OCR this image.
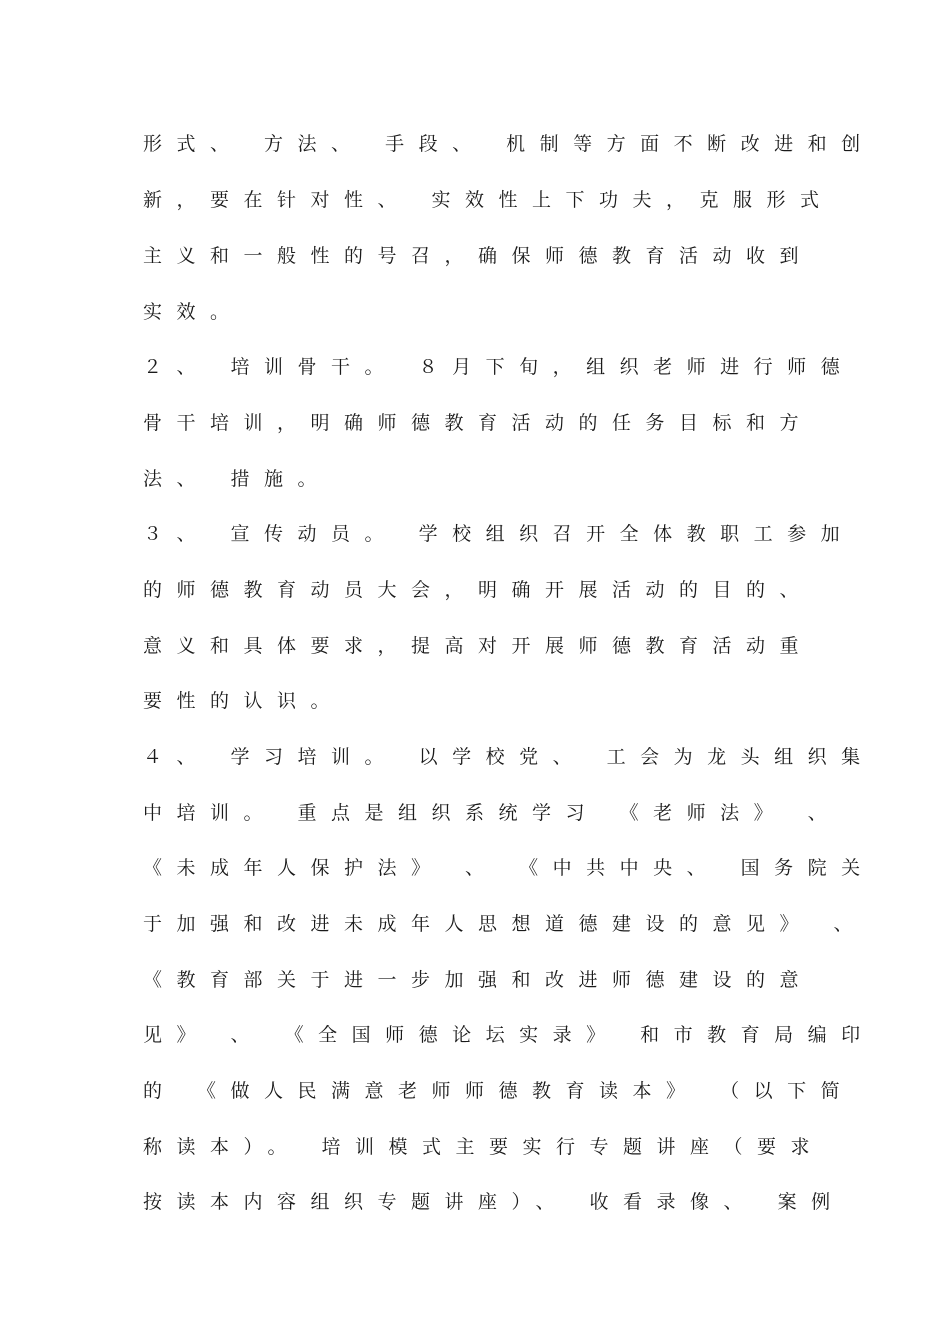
形式、 方法、 手段、 机制等方面不断改进和创
新，要在针对性、 实效性上下功夫，克服形式
主义和一般性的号召，确保师德教育活动收到
实效。
２、 培训骨干。 ８月下旬，组织老师进行师德
骨干培训，明确师德教育活动的任务目标和方
法、 措施。
３、 宣传动员。 学校组织召开全体教职工参加
的师德教育动员大会，明确开展活动的目的、
意义和具体要求，提高对开展师德教育活动重
要性的认识。
４、 学习培训。 以学校党、 工会为龙头组织集
中培训。 重点是组织系统学习 《老师法》 、
《未成年人保护法》 、 《中共中央、 国务院关
于加强和改进未成年人思想道德建设的意见》 、
《教育部关于进一步加强和改进师德建设的意
见》 、 《全国师德论坛实录》 和市教育局编印
的 《做人民满意老师师德教育读本》 （以下简
称读本）。 培训模式主要实行专题讲座（要求
按读本内容组织专题讲座）、 收看录像、 案例
